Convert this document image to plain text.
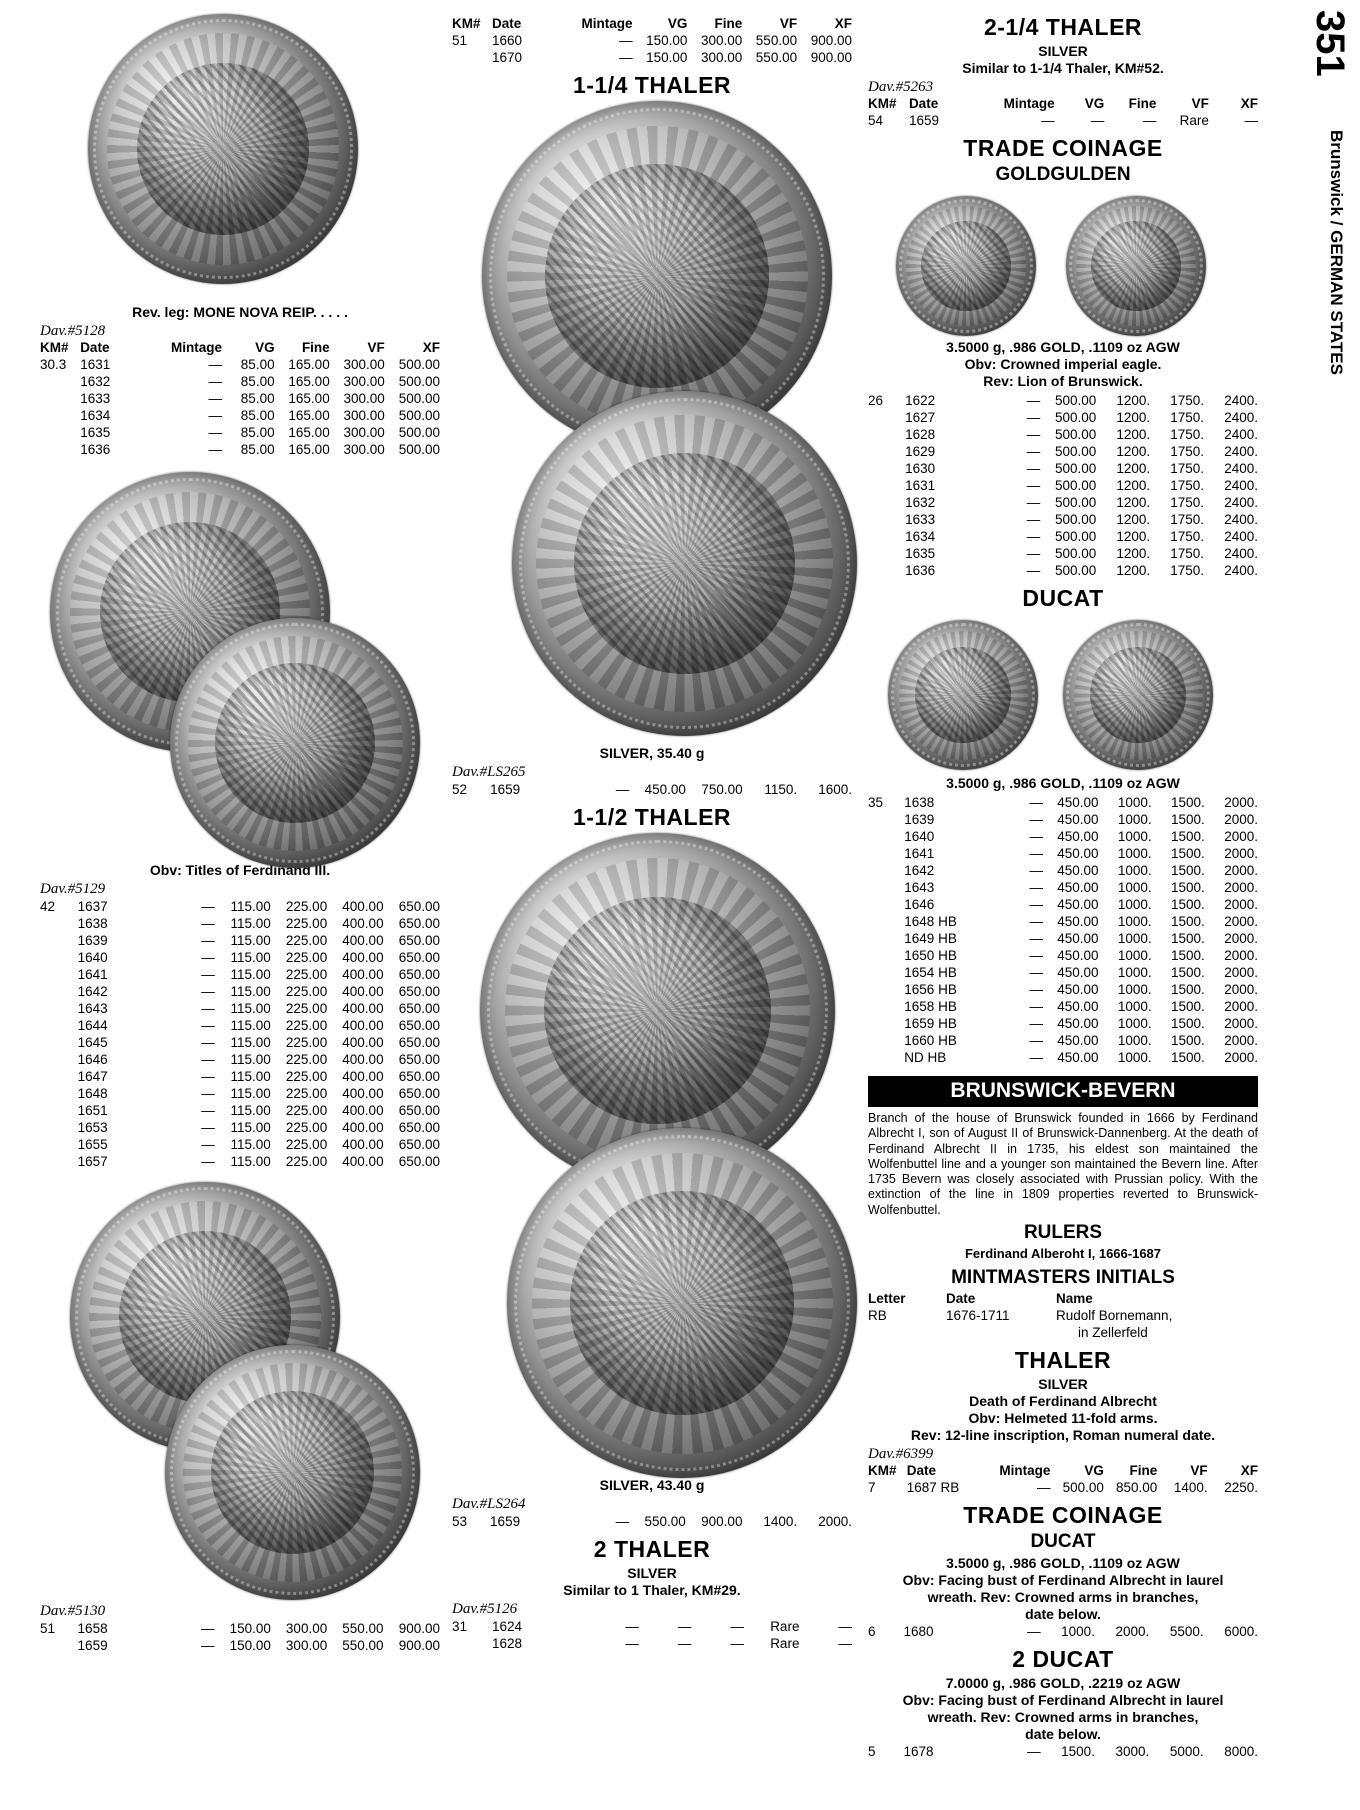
351
Brunswick / GERMAN STATES
Rev. leg: MONE NOVA REIP. . . . .
Dav.#5128
KM#	Date	Mintage	VG	Fine	VF	XF
30.3	1631	—	85.00	165.00	300.00	500.00
	1632	—	85.00	165.00	300.00	500.00
	1633	—	85.00	165.00	300.00	500.00
	1634	—	85.00	165.00	300.00	500.00
	1635	—	85.00	165.00	300.00	500.00
	1636	—	85.00	165.00	300.00	500.00
Obv: Titles of Ferdinand III.
Dav.#5129
42	1637	—	115.00	225.00	400.00	650.00
	1638	—	115.00	225.00	400.00	650.00
	1639	—	115.00	225.00	400.00	650.00
	1640	—	115.00	225.00	400.00	650.00
	1641	—	115.00	225.00	400.00	650.00
	1642	—	115.00	225.00	400.00	650.00
	1643	—	115.00	225.00	400.00	650.00
	1644	—	115.00	225.00	400.00	650.00
	1645	—	115.00	225.00	400.00	650.00
	1646	—	115.00	225.00	400.00	650.00
	1647	—	115.00	225.00	400.00	650.00
	1648	—	115.00	225.00	400.00	650.00
	1651	—	115.00	225.00	400.00	650.00
	1653	—	115.00	225.00	400.00	650.00
	1655	—	115.00	225.00	400.00	650.00
	1657	—	115.00	225.00	400.00	650.00
Dav.#5130
51	1658	—	150.00	300.00	550.00	900.00
	1659	—	150.00	300.00	550.00	900.00
KM#	Date	Mintage	VG	Fine	VF	XF
51	1660	—	150.00	300.00	550.00	900.00
	1670	—	150.00	300.00	550.00	900.00
1-1/4 THALER
SILVER, 35.40 g
Dav.#LS265
52	1659	—	450.00	750.00	1150.	1600.
1-1/2 THALER
SILVER, 43.40 g
Dav.#LS264
53	1659	—	550.00	900.00	1400.	2000.
2 THALER
SILVER
Similar to 1 Thaler, KM#29.
Dav.#5126
31	1624	—	—	—	Rare	—
	1628	—	—	—	Rare	—
2-1/4 THALER
SILVER
Similar to 1-1/4 Thaler, KM#52.
Dav.#5263
KM#	Date	Mintage	VG	Fine	VF	XF
54	1659	—	—	—	Rare	—
TRADE COINAGE
GOLDGULDEN
3.5000 g, .986 GOLD, .1109 oz AGW
Obv: Crowned imperial eagle.
Rev: Lion of Brunswick.
26	1622	—	500.00	1200.	1750.	2400.
	1627	—	500.00	1200.	1750.	2400.
	1628	—	500.00	1200.	1750.	2400.
	1629	—	500.00	1200.	1750.	2400.
	1630	—	500.00	1200.	1750.	2400.
	1631	—	500.00	1200.	1750.	2400.
	1632	—	500.00	1200.	1750.	2400.
	1633	—	500.00	1200.	1750.	2400.
	1634	—	500.00	1200.	1750.	2400.
	1635	—	500.00	1200.	1750.	2400.
	1636	—	500.00	1200.	1750.	2400.
DUCAT
3.5000 g, .986 GOLD, .1109 oz AGW
35	1638	—	450.00	1000.	1500.	2000.
	1639	—	450.00	1000.	1500.	2000.
	1640	—	450.00	1000.	1500.	2000.
	1641	—	450.00	1000.	1500.	2000.
	1642	—	450.00	1000.	1500.	2000.
	1643	—	450.00	1000.	1500.	2000.
	1646	—	450.00	1000.	1500.	2000.
	1648 HB	—	450.00	1000.	1500.	2000.
	1649 HB	—	450.00	1000.	1500.	2000.
	1650 HB	—	450.00	1000.	1500.	2000.
	1654 HB	—	450.00	1000.	1500.	2000.
	1656 HB	—	450.00	1000.	1500.	2000.
	1658 HB	—	450.00	1000.	1500.	2000.
	1659 HB	—	450.00	1000.	1500.	2000.
	1660 HB	—	450.00	1000.	1500.	2000.
	ND HB	—	450.00	1000.	1500.	2000.
BRUNSWICK-BEVERN
Branch of the house of Brunswick founded in 1666 by Ferdinand Albrecht I, son of August II of Brunswick-Dannenberg. At the death of Ferdinand Albrecht II in 1735, his eldest son maintained the Wolfenbuttel line and a younger son maintained the Bevern line. After 1735 Bevern was closely associated with Prussian policy. With the extinction of the line in 1809 properties reverted to Brunswick-Wolfenbuttel.
RULERS
Ferdinand Alberoht I, 1666-1687
MINTMASTERS INITIALS
Letter	Date	Name
RB	1676-1711	Rudolf Bornemann,
		in Zellerfeld
THALER
SILVER
Death of Ferdinand Albrecht
Obv: Helmeted 11-fold arms.
Rev: 12-line inscription, Roman numeral date.
Dav.#6399
KM#	Date	Mintage	VG	Fine	VF	XF
7	1687 RB	—	500.00	850.00	1400.	2250.
TRADE COINAGE
DUCAT
3.5000 g, .986 GOLD, .1109 oz AGW
Obv: Facing bust of Ferdinand Albrecht in laurel
wreath. Rev: Crowned arms in branches,
date below.
6	1680	—	1000.	2000.	5500.	6000.
2 DUCAT
7.0000 g, .986 GOLD, .2219 oz AGW
Obv: Facing bust of Ferdinand Albrecht in laurel
wreath. Rev: Crowned arms in branches,
date below.
5	1678	—	1500.	3000.	5000.	8000.
